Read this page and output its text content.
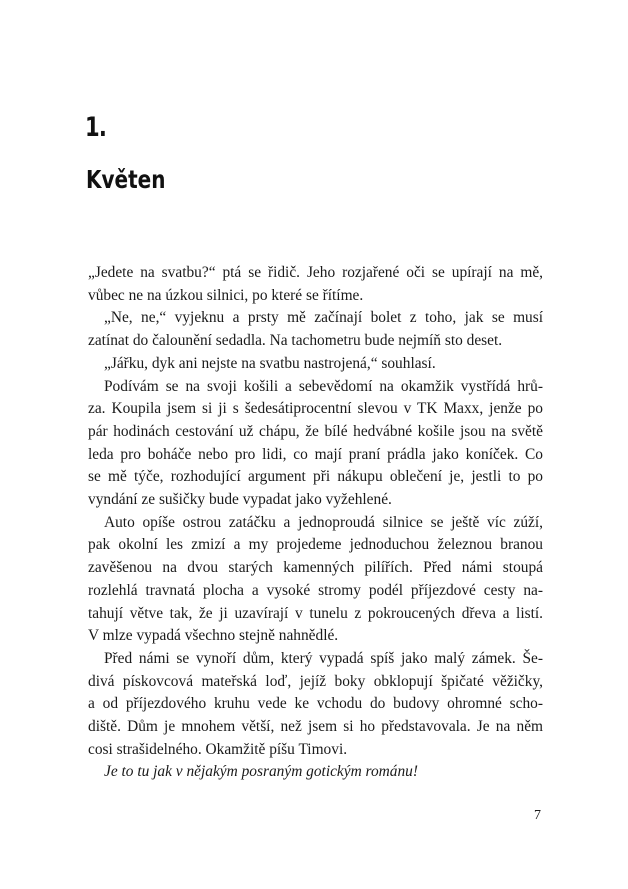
1.
Květen
„Jedete na svatbu?“ ptá se řidič. Jeho rozjařené oči se upírají na mě,
vůbec ne na úzkou silnici, po které se řítíme.
„Ne, ne,“ vyjeknu a prsty mě začínají bolet z toho, jak se musí
zatínat do čalounění sedadla. Na tachometru bude nejmíň sto deset.
„Jářku, dyk ani nejste na svatbu nastrojená,“ souhlasí.
Podívám se na svoji košili a sebevědomí na okamžik vystřídá hrů-
za. Koupila jsem si ji s šedesátiprocentní slevou v TK Maxx, jenže po
pár hodinách cestování už chápu, že bílé hedvábné košile jsou na světě
leda pro boháče nebo pro lidi, co mají praní prádla jako koníček. Co
se mě týče, rozhodující argument při nákupu oblečení je, jestli to po
vyndání ze sušičky bude vypadat jako vyžehlené.
Auto opíše ostrou zatáčku a jednoproudá silnice se ještě víc zúží,
pak okolní les zmizí a my projedeme jednoduchou železnou branou
zavěšenou na dvou starých kamenných pilířích. Před námi stoupá
rozlehlá travnatá plocha a vysoké stromy podél příjezdové cesty na-
tahují větve tak, že ji uzavírají v tunelu z pokroucených dřeva a listí.
V mlze vypadá všechno stejně nahnědlé.
Před námi se vynoří dům, který vypadá spíš jako malý zámek. Še-
divá pískovcová mateřská loď, jejíž boky obklopují špičaté věžičky,
a od příjezdového kruhu vede ke vchodu do budovy ohromné scho-
diště. Dům je mnohem větší, než jsem si ho představovala. Je na něm
cosi strašidelného. Okamžitě píšu Timovi.
Je to tu jak v nějakým posraným gotickým románu!
7
